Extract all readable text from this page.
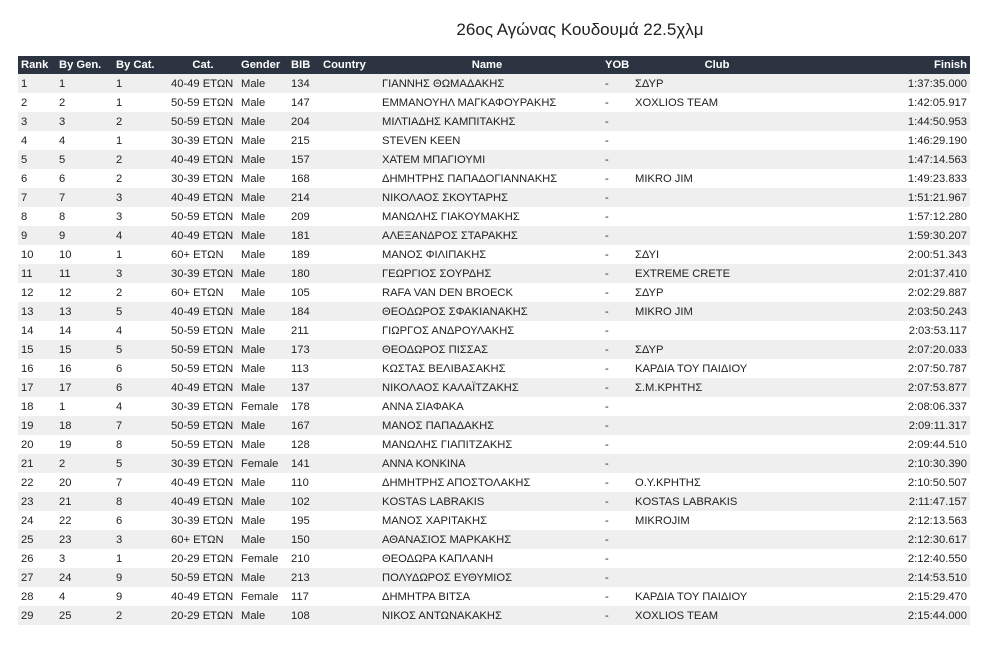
26ος Αγώνας Κουδουμά 22.5χλμ
Rank	By Gen.	By Cat.	Cat.	Gender	BIB	Country	Name	YOB	Club	Finish
1	1	1	40-49 ΕΤΩΝ	Male	134		ΓΙΑΝΝΗΣ ΘΩΜΑΔΑΚΗΣ	-	ΣΔΥΡ	1:37:35.000
2	2	1	50-59 ΕΤΩΝ	Male	147		ΕΜΜΑΝΟΥΗΛ ΜΑΓΚΑΦΟΥΡΑΚΗΣ	-	XOXLIOS TEAM	1:42:05.917
3	3	2	50-59 ΕΤΩΝ	Male	204		ΜΙΛΤΙΑΔΗΣ ΚΑΜΠΙΤΑΚΗΣ	-		1:44:50.953
4	4	1	30-39 ΕΤΩΝ	Male	215		STEVEN KEEN	-		1:46:29.190
5	5	2	40-49 ΕΤΩΝ	Male	157		ΧΑΤΕΜ ΜΠΑΓΙΟΥΜΙ	-		1:47:14.563
6	6	2	30-39 ΕΤΩΝ	Male	168		ΔΗΜΗΤΡΗΣ ΠΑΠΑΔΟΓΙΑΝΝΑΚΗΣ	-	MIKRO JIM	1:49:23.833
7	7	3	40-49 ΕΤΩΝ	Male	214		ΝΙΚΟΛΑΟΣ ΣΚΟΥΤΑΡΗΣ	-		1:51:21.967
8	8	3	50-59 ΕΤΩΝ	Male	209		ΜΑΝΩΛΗΣ ΓΙΑΚΟΥΜΑΚΗΣ	-		1:57:12.280
9	9	4	40-49 ΕΤΩΝ	Male	181		ΑΛΕΞΑΝΔΡΟΣ ΣΤΑΡΑΚΗΣ	-		1:59:30.207
10	10	1	60+ ΕΤΩΝ	Male	189		ΜΑΝΟΣ ΦΙΛΙΠΑΚΗΣ	-	ΣΔΥΙ	2:00:51.343
11	11	3	30-39 ΕΤΩΝ	Male	180		ΓΕΩΡΓΙΟΣ ΣΟΥΡΔΗΣ	-	EXTREME CRETE	2:01:37.410
12	12	2	60+ ΕΤΩΝ	Male	105		RAFA VAN DEN BROECK	-	ΣΔΥΡ	2:02:29.887
13	13	5	40-49 ΕΤΩΝ	Male	184		ΘΕΟΔΩΡΟΣ ΣΦΑΚΙΑΝΑΚΗΣ	-	MIKRO JIM	2:03:50.243
14	14	4	50-59 ΕΤΩΝ	Male	211		ΓΙΩΡΓΟΣ ΑΝΔΡΟΥΛΑΚΗΣ	-		2:03:53.117
15	15	5	50-59 ΕΤΩΝ	Male	173		ΘΕΟΔΩΡΟΣ ΠΙΣΣΑΣ	-	ΣΔΥΡ	2:07:20.033
16	16	6	50-59 ΕΤΩΝ	Male	113		ΚΩΣΤΑΣ ΒΕΛΙΒΑΣΑΚΗΣ	-	ΚΑΡΔΙΑ ΤΟΥ ΠΑΙΔΙΟΥ	2:07:50.787
17	17	6	40-49 ΕΤΩΝ	Male	137		ΝΙΚΟΛΑΟΣ ΚΑΛΑΪΤΖΑΚΗΣ	-	Σ.Μ.ΚΡΗΤΗΣ	2:07:53.877
18	1	4	30-39 ΕΤΩΝ	Female	178		ΑΝΝΑ ΣΙΑΦΑΚΑ	-		2:08:06.337
19	18	7	50-59 ΕΤΩΝ	Male	167		ΜΑΝΟΣ ΠΑΠΑΔΑΚΗΣ	-		2:09:11.317
20	19	8	50-59 ΕΤΩΝ	Male	128		ΜΑΝΩΛΗΣ ΓΙΑΠΙΤΖΑΚΗΣ	-		2:09:44.510
21	2	5	30-39 ΕΤΩΝ	Female	141		ΑΝΝΑ ΚΟΝΚΙΝΑ	-		2:10:30.390
22	20	7	40-49 ΕΤΩΝ	Male	110		ΔΗΜΗΤΡΗΣ ΑΠΟΣΤΟΛΑΚΗΣ	-	Ο.Υ.ΚΡΗΤΗΣ	2:10:50.507
23	21	8	40-49 ΕΤΩΝ	Male	102		KOSTAS LABRAKIS	-	KOSTAS LABRAKIS	2:11:47.157
24	22	6	30-39 ΕΤΩΝ	Male	195		ΜΑΝΟΣ ΧΑΡΙΤΑΚΗΣ	-	MIKROJIM	2:12:13.563
25	23	3	60+ ΕΤΩΝ	Male	150		ΑΘΑΝΑΣΙΟΣ ΜΑΡΚΑΚΗΣ	-		2:12:30.617
26	3	1	20-29 ΕΤΩΝ	Female	210		ΘΕΟΔΩΡΑ ΚΑΠΛΑΝΗ	-		2:12:40.550
27	24	9	50-59 ΕΤΩΝ	Male	213		ΠΟΛΥΔΩΡΟΣ ΕΥΘΥΜΙΟΣ	-		2:14:53.510
28	4	9	40-49 ΕΤΩΝ	Female	117		ΔΗΜΗΤΡΑ ΒΙΤΣΑ	-	ΚΑΡΔΙΑ ΤΟΥ ΠΑΙΔΙΟΥ	2:15:29.470
29	25	2	20-29 ΕΤΩΝ	Male	108		ΝΙΚΟΣ ΑΝΤΩΝΑΚΑΚΗΣ	-	XOXLIOS TEAM	2:15:44.000
